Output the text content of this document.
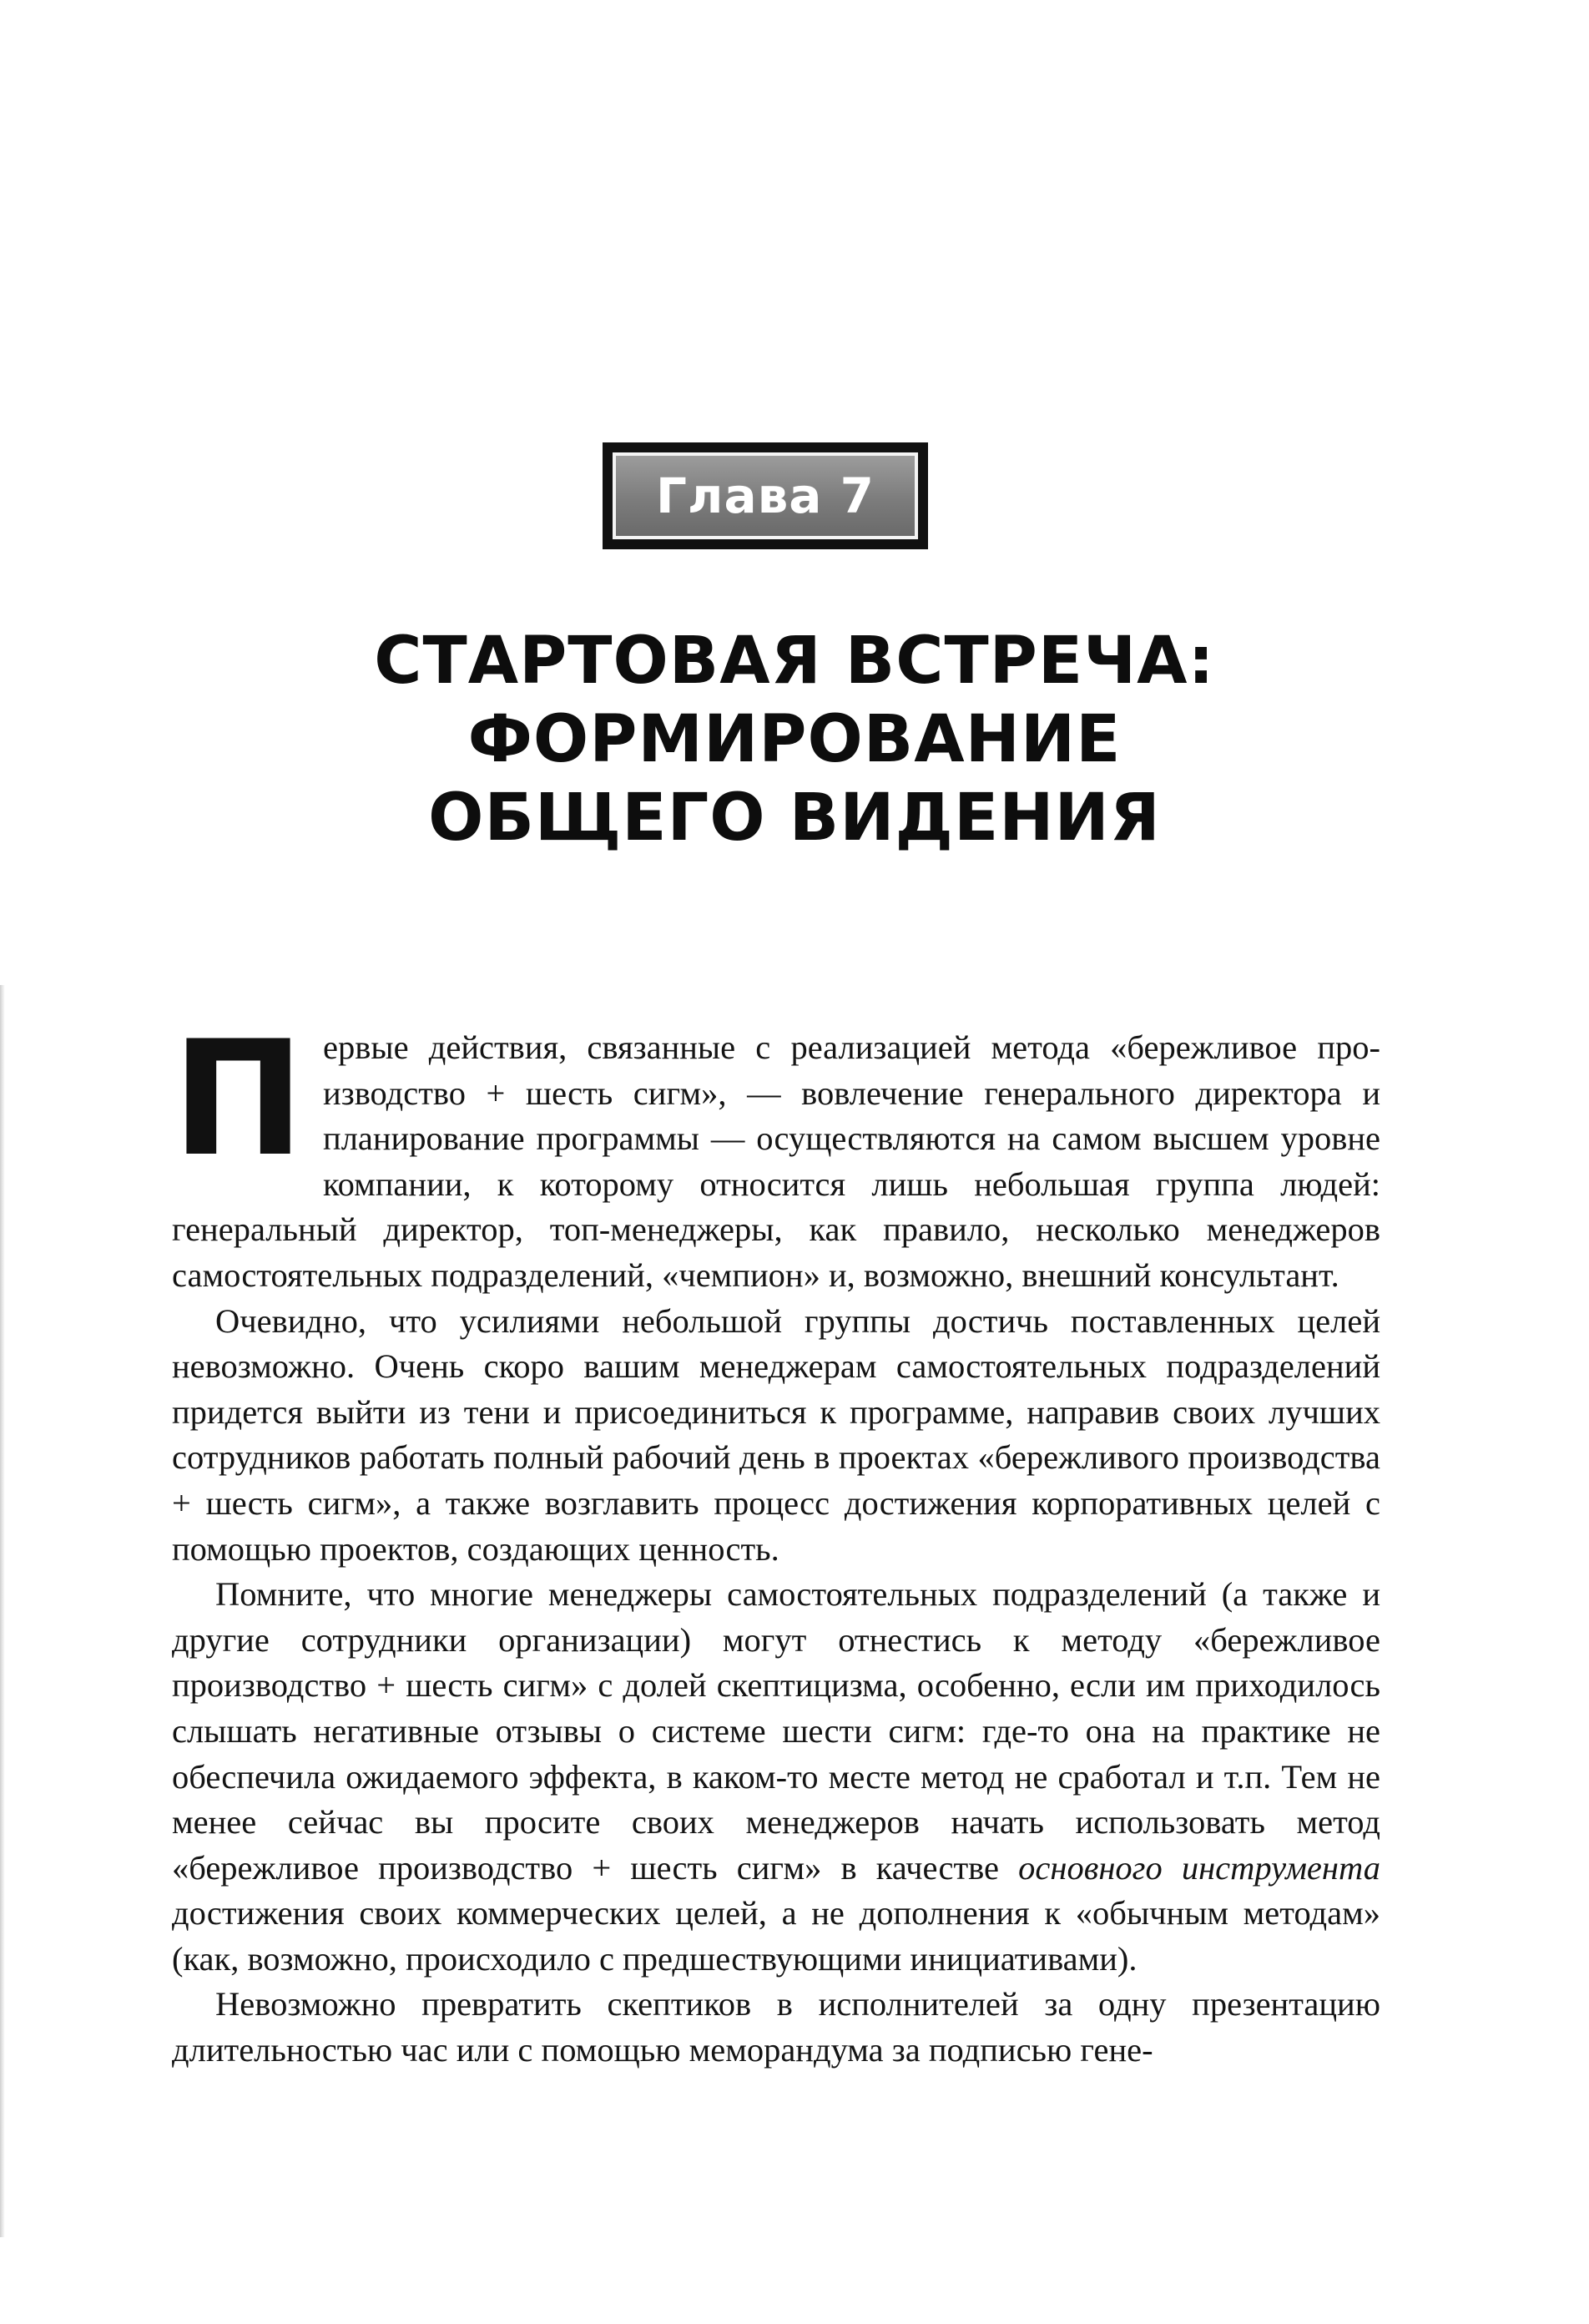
Глава 7
СТАРТОВАЯ ВСТРЕЧА:
ФОРМИРОВАНИЕ
ОБЩЕГО ВИДЕНИЯ

Первые действия, связанные с реализацией метода «бережливое производство + шесть сигм», — вовлечение генерального директора и планирование программы — осуществляются на самом высшем уровне компании, к которому относится лишь небольшая группа людей: генеральный директор, топ-менеджеры, как правило, несколько менеджеров самостоятельных подразделений, «чемпион» и, возможно, внешний консультант.

Очевидно, что усилиями небольшой группы достичь поставленных целей невозможно. Очень скоро вашим менеджерам самостоятельных подразделений придется выйти из тени и присоединиться к программе, направив своих лучших сотрудников работать полный рабочий день в проектах «бережливого производства + шесть сигм», а также возглавить процесс достижения корпоративных целей с помощью проектов, создающих ценность.

Помните, что многие менеджеры самостоятельных подразделений (а также и другие сотрудники организации) могут отнестись к методу «бережливое производство + шесть сигм» с долей скептицизма, особенно, если им приходилось слышать негативные отзывы о системе шести сигм: где-то она на практике не обеспечила ожидаемого эффекта, в каком-то месте метод не сработал и т.п. Тем не менее сейчас вы просите своих менеджеров начать использовать метод «бережливое производство + шесть сигм» в качестве основного инструмента достижения своих коммерческих целей, а не дополнения к «обычным методам» (как, возможно, происходило с предшествующими инициативами).

Невозможно превратить скептиков в исполнителей за одну презентацию длительностью час или с помощью меморандума за подписью гене-
